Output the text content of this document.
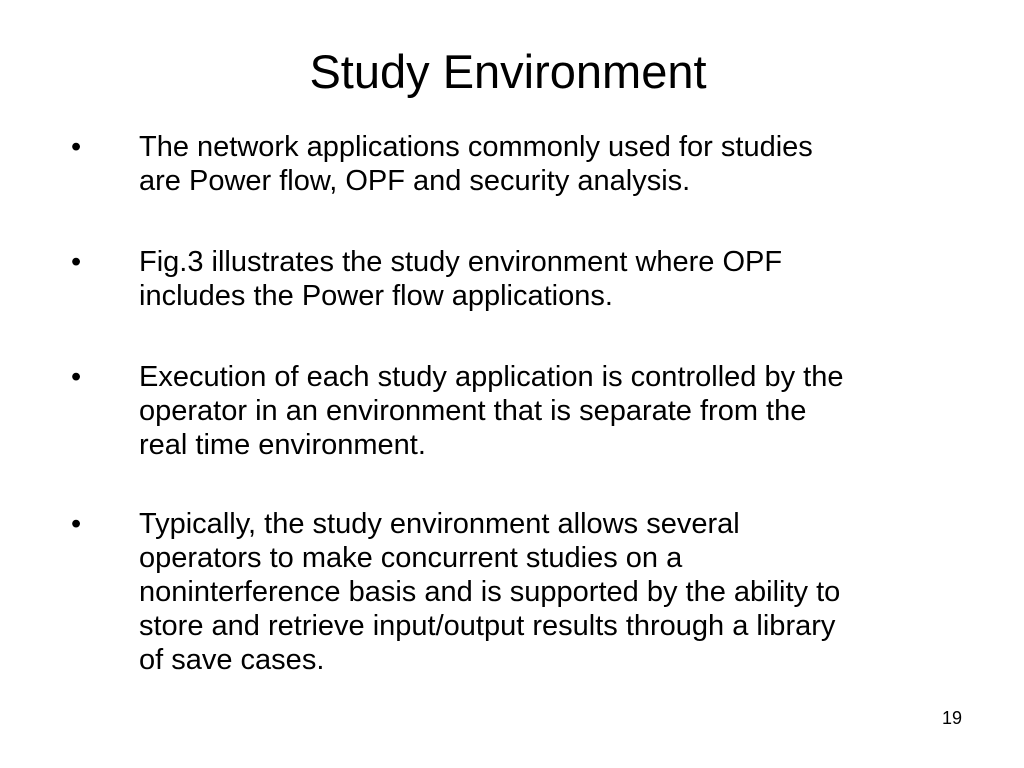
Study Environment
• The network applications commonly used for studies
are Power flow, OPF and security analysis.
• Fig.3 illustrates the study environment where OPF
includes the Power flow applications.
• Execution of each study application is controlled by the
operator in an environment that is separate from the
real time environment.
• Typically, the study environment allows several
operators to make concurrent studies on a
noninterference basis and is supported by the ability to
store and retrieve input/output results through a library
of save cases.
19
